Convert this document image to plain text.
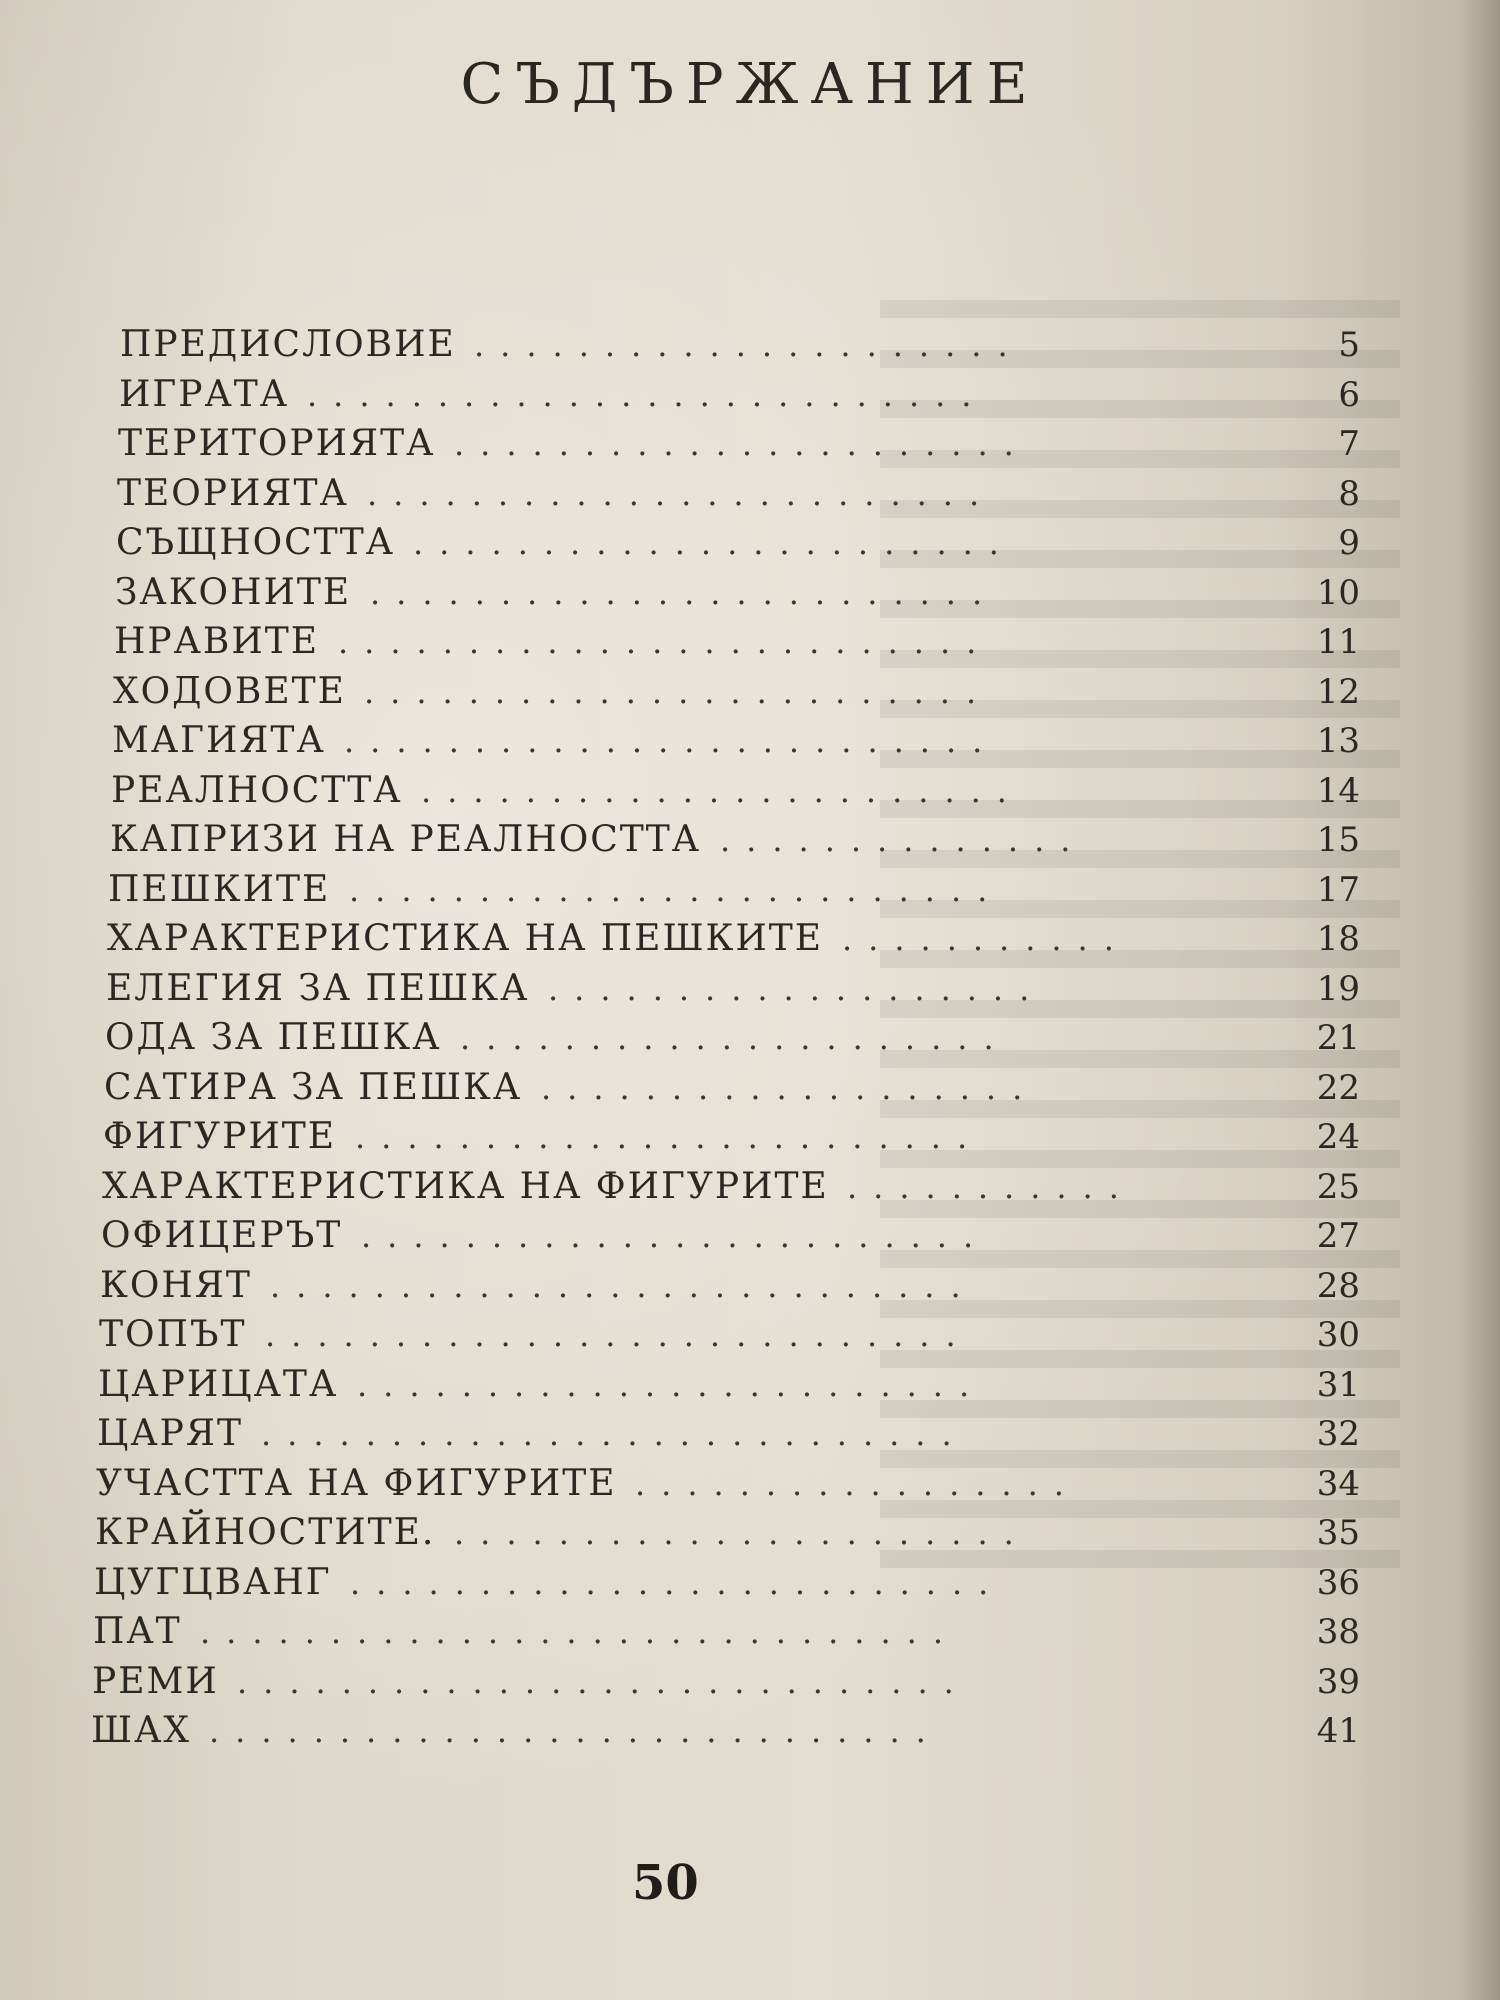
СЪДЪРЖАНИЕ
ПРЕДИСЛОВИЕ .....................	5
ИГРАТА ..........................	6
ТЕРИТОРИЯТА ......................	7
ТЕОРИЯТА ........................	8
СЪЩНОСТТА .......................	9
ЗАКОНИТЕ ........................	10
НРАВИТЕ .........................	11
ХОДОВЕТЕ ........................	12
МАГИЯТА .........................	13
РЕАЛНОСТТА .......................	14
КАПРИЗИ НА РЕАЛНОСТТА ..............	15
ПЕШКИТЕ .........................	17
ХАРАКТЕРИСТИКА НА ПЕШКИТЕ ...........	18
ЕЛЕГИЯ ЗА ПЕШКА ...................	19
ОДА ЗА ПЕШКА .....................	21
САТИРА ЗА ПЕШКА ...................	22
ФИГУРИТЕ ........................	24
ХАРАКТЕРИСТИКА НА ФИГУРИТЕ ...........	25
ОФИЦЕРЪТ ........................	27
КОНЯТ ...........................	28
ТОПЪТ ...........................	30
ЦАРИЦАТА ........................	31
ЦАРЯТ ...........................	32
УЧАСТТА НА ФИГУРИТЕ .................	34
КРАЙНОСТИТЕ. ......................	35
ЦУГЦВАНГ .........................	36
ПАТ .............................	38
РЕМИ ............................	39
ШАХ ............................	41
50
